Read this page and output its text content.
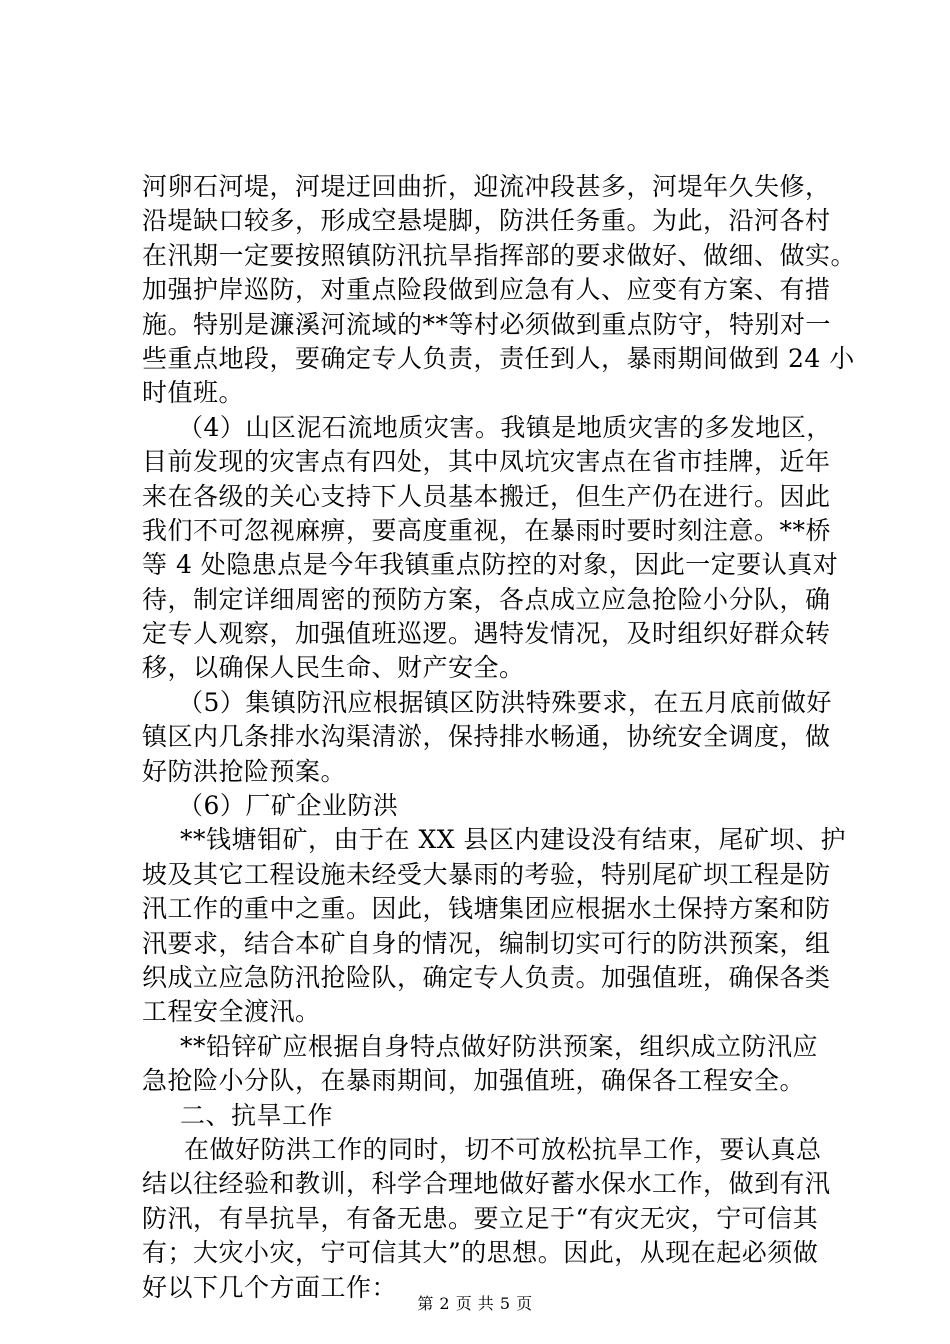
河卵石河堤，河堤迂回曲折，迎流冲段甚多，河堤年久失修，
沿堤缺口较多，形成空悬堤脚，防洪任务重。为此，沿河各村
在汛期一定要按照镇防汛抗旱指挥部的要求做好、做细、做实。
加强护岸巡防，对重点险段做到应急有人、应变有方案、有措
施。特别是濂溪河流域的**等村必须做到重点防守，特别对一
些重点地段，要确定专人负责，责任到人，暴雨期间做到 24 小
时值班。
（4）山区泥石流地质灾害。我镇是地质灾害的多发地区，
目前发现的灾害点有四处，其中凤坑灾害点在省市挂牌，近年
来在各级的关心支持下人员基本搬迁，但生产仍在进行。因此
我们不可忽视麻痹，要高度重视，在暴雨时要时刻注意。**桥
等 4 处隐患点是今年我镇重点防控的对象，因此一定要认真对
待，制定详细周密的预防方案，各点成立应急抢险小分队，确
定专人观察，加强值班巡逻。遇特发情况，及时组织好群众转
移，以确保人民生命、财产安全。
（5）集镇防汛应根据镇区防洪特殊要求，在五月底前做好
镇区内几条排水沟渠清淤，保持排水畅通，协统安全调度，做
好防洪抢险预案。
（6）厂矿企业防洪
**钱塘钼矿，由于在 XX 县区内建设没有结束，尾矿坝、护
坡及其它工程设施未经受大暴雨的考验，特别尾矿坝工程是防
汛工作的重中之重。因此，钱塘集团应根据水土保持方案和防
汛要求，结合本矿自身的情况，编制切实可行的防洪预案，组
织成立应急防汛抢险队，确定专人负责。加强值班，确保各类
工程安全渡汛。
**铅锌矿应根据自身特点做好防洪预案，组织成立防汛应
急抢险小分队，在暴雨期间，加强值班，确保各工程安全。
二、抗旱工作
在做好防洪工作的同时，切不可放松抗旱工作，要认真总
结以往经验和教训，科学合理地做好蓄水保水工作，做到有汛
防汛，有旱抗旱，有备无患。要立足于“有灾无灾，宁可信其
有；大灾小灾，宁可信其大”的思想。因此，从现在起必须做
好以下几个方面工作：
第 2 页 共 5 页
